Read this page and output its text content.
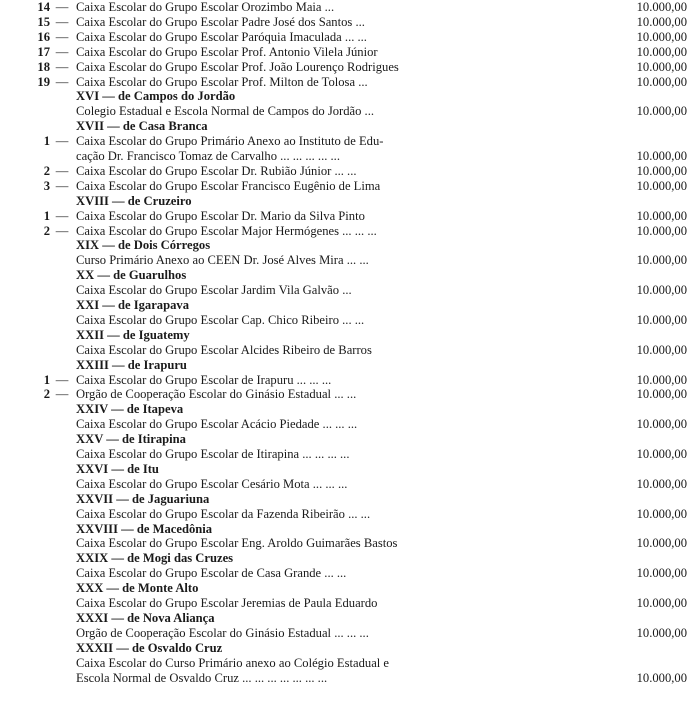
14 — Caixa Escolar do Grupo Escolar Orozimbo Maia ...	10.000,00
15 — Caixa Escolar do Grupo Escolar Padre José dos Santos ...	10.000,00
16 — Caixa Escolar do Grupo Escolar Paróquia Imaculada ... ...	10.000,00
17 — Caixa Escolar do Grupo Escolar Prof. Antonio Vilela Júnior	10.000,00
18 — Caixa Escolar do Grupo Escolar Prof. João Lourenço Rodrigues	10.000,00
19 — Caixa Escolar do Grupo Escolar Prof. Milton de Tolosa ...	10.000,00
XVI — de Campos do Jordão
Colegio Estadual e Escola Normal de Campos do Jordão ...	10.000,00
XVII — de Casa Branca
1 — Caixa Escolar do Grupo Primário Anexo ao Instituto de Edu-
cação Dr. Francisco Tomaz de Carvalho ... ... ... ... ...	10.000,00
2 — Caixa Escolar do Grupo Escolar Dr. Rubião Júnior ... ...	10.000,00
3 — Caixa Escolar do Grupo Escolar Francisco Eugênio de Lima	10.000,00
XVIII — de Cruzeiro
1 — Caixa Escolar do Grupo Escolar Dr. Mario da Silva Pinto	10.000,00
2 — Caixa Escolar do Grupo Escolar Major Hermógenes ... ... ...	10.000,00
XIX — de Dois Córregos
Curso Primário Anexo ao CEEN Dr. José Alves Mira ... ...	10.000,00
XX — de Guarulhos
Caixa Escolar do Grupo Escolar Jardim Vila Galvão ...	10.000,00
XXI — de Igarapava
Caixa Escolar do Grupo Escolar Cap. Chico Ribeiro ... ...	10.000,00
XXII — de Iguatemy
Caixa Escolar do Grupo Escolar Alcides Ribeiro de Barros	10.000,00
XXIII — de Irapuru
1 — Caixa Escolar do Grupo Escolar de Irapuru ... ... ...	10.000,00
2 — Orgão de Cooperação Escolar do Ginásio Estadual ... ...	10.000,00
XXIV — de Itapeva
Caixa Escolar do Grupo Escolar Acácio Piedade ... ... ...	10.000,00
XXV — de Itirapina
Caixa Escolar do Grupo Escolar de Itirapina ... ... ... ...	10.000,00
XXVI — de Itu
Caixa Escolar do Grupo Escolar Cesário Mota ... ... ...	10.000,00
XXVII — de Jaguariuna
Caixa Escolar do Grupo Escolar da Fazenda Ribeirão ... ...	10.000,00
XXVIII — de Macedônia
Caixa Escolar do Grupo Escolar Eng. Aroldo Guimarães Bastos	10.000,00
XXIX — de Mogi das Cruzes
Caixa Escolar do Grupo Escolar de Casa Grande ... ...	10.000,00
XXX — de Monte Alto
Caixa Escolar do Grupo Escolar Jeremias de Paula Eduardo	10.000,00
XXXI — de Nova Aliança
Orgão de Cooperação Escolar do Ginásio Estadual ... ... ...	10.000,00
XXXII — de Osvaldo Cruz
Caixa Escolar do Curso Primário anexo ao Colégio Estadual e
Escola Normal de Osvaldo Cruz ... ... ... ... ... ... ...	10.000,00
